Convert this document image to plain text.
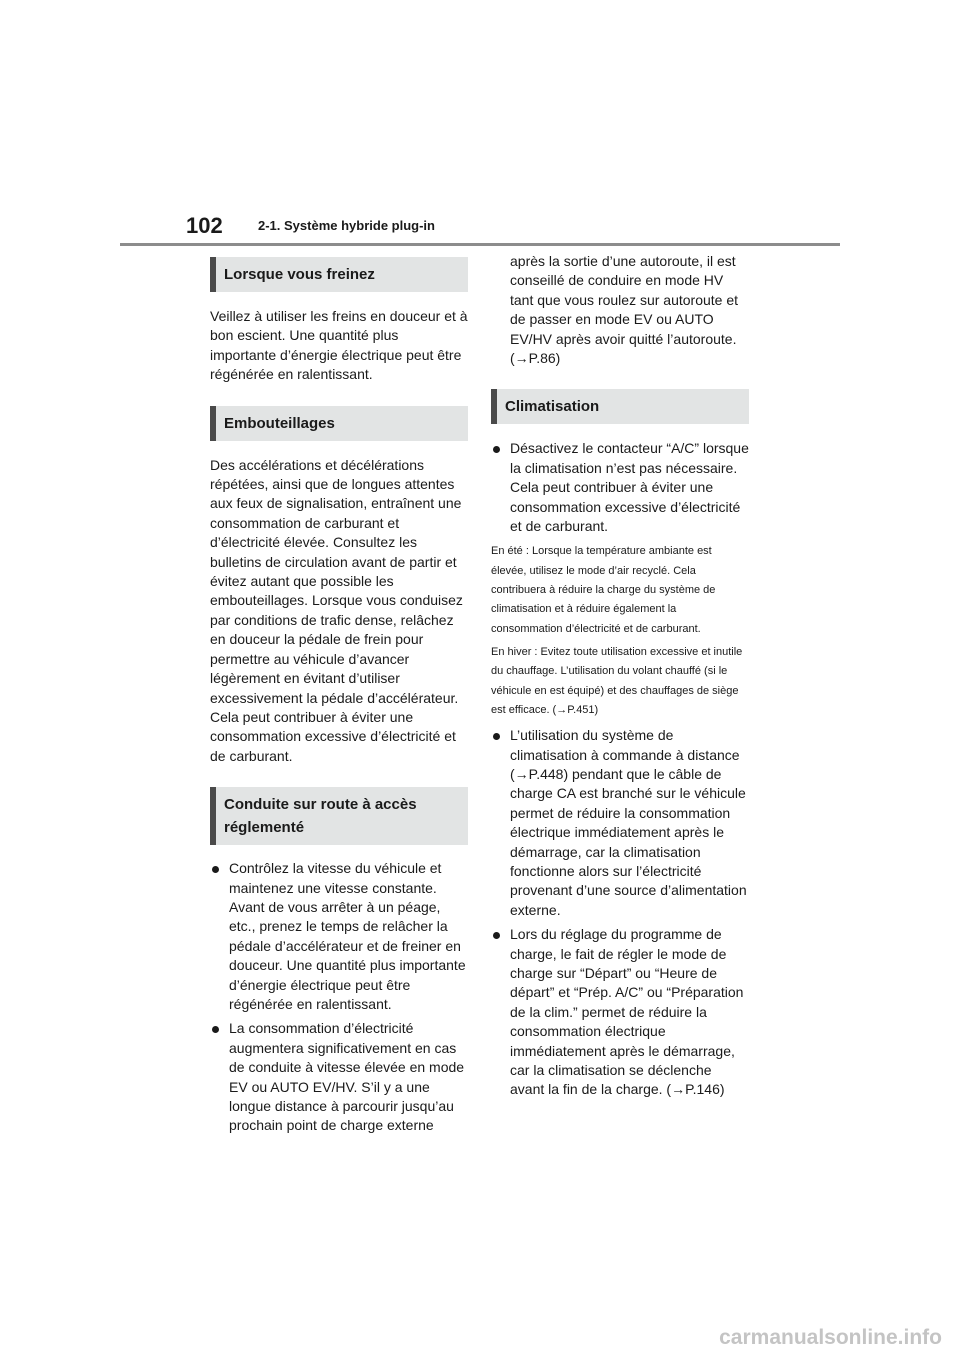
102	2-1. Système hybride plug-in
Lorsque vous freinez

Veillez à utiliser les freins en douceur et à bon escient. Une quantité plus importante d’énergie électrique peut être régénérée en ralentissant.

Embouteillages

Des accélérations et décélérations répétées, ainsi que de longues attentes aux feux de signalisation, entraînent une consommation de carburant et d’électricité élevée. Consultez les bulletins de circulation avant de partir et évitez autant que possible les embouteillages. Lorsque vous conduisez par conditions de trafic dense, relâchez en douceur la pédale de frein pour permettre au véhicule d’avancer légèrement en évitant d’utiliser excessivement la pédale d’accélérateur. Cela peut contribuer à éviter une consommation excessive d’électricité et de carburant.

Conduite sur route à accès réglementé
Contrôlez la vitesse du véhicule et maintenez une vitesse constante. Avant de vous arrêter à un péage, etc., prenez le temps de relâcher la pédale d’accélérateur et de freiner en douceur. Une quantité plus importante d’énergie électrique peut être régénérée en ralentissant.
La consommation d’électricité augmentera significativement en cas de conduite à vitesse élevée en mode EV ou AUTO EV/HV. S’il y a une longue distance à parcourir jusqu’au prochain point de charge externe

après la sortie d’une autoroute, il est conseillé de conduire en mode HV tant que vous roulez sur autoroute et de passer en mode EV ou AUTO EV/HV après avoir quitté l’autoroute. (→P.86)

Climatisation
Désactivez le contacteur “A/C” lorsque la climatisation n’est pas nécessaire. Cela peut contribuer à éviter une consommation excessive d’électricité et de carburant.

En été : Lorsque la température ambiante est élevée, utilisez le mode d’air recyclé. Cela contribuera à réduire la charge du système de climatisation et à réduire également la consommation d’électricité et de carburant.

En hiver : Evitez toute utilisation excessive et inutile du chauffage. L’utilisation du volant chauffé (si le véhicule en est équipé) et des chauffages de siège est efficace. (→P.451)

L’utilisation du système de climatisation à commande à distance (→P.448) pendant que le câble de charge CA est branché sur le véhicule permet de réduire la consommation électrique immédiatement après le démarrage, car la climatisation fonctionne alors sur l’électricité provenant d’une source d’alimentation externe.
Lors du réglage du programme de charge, le fait de régler le mode de charge sur “Départ” ou “Heure de départ” et “Prép. A/C” ou “Préparation de la clim.” permet de réduire la consommation électrique immédiatement après le démarrage, car la climatisation se déclenche avant la fin de la charge. (→P.146)
carmanualsonline.info
